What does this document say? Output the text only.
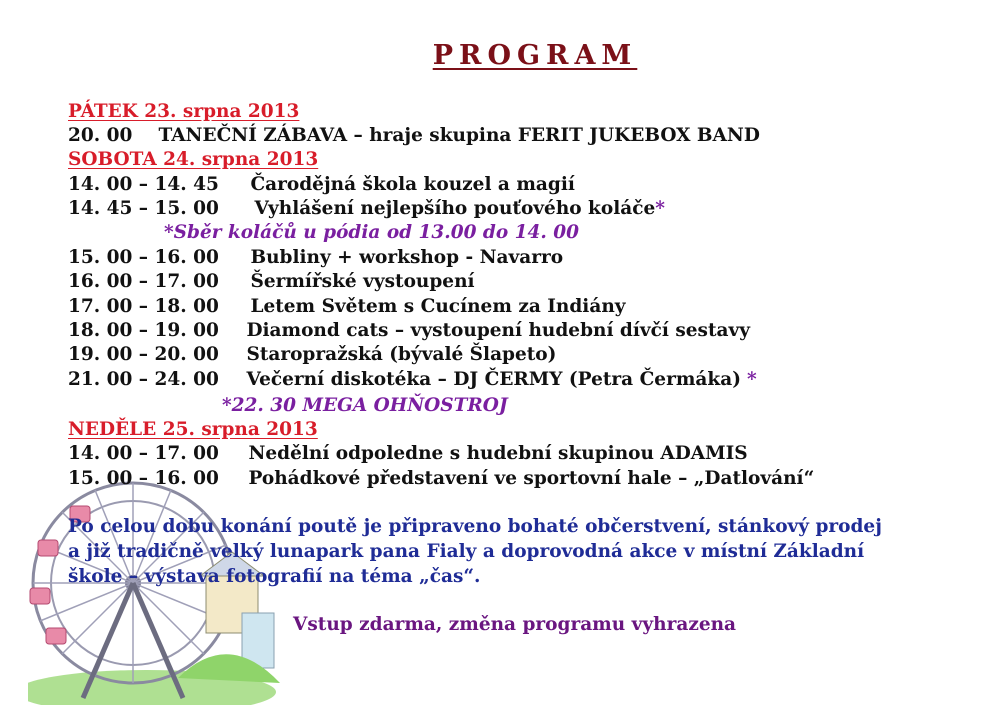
PROGRAM
PÁTEK 23. srpna 2013
20. 00 TANEČNÍ ZÁBAVA – hraje skupina FERIT JUKEBOX BAND
SOBOTA 24. srpna 2013
14. 00 – 14. 45 Čarodějná škola kouzel a magií
14. 45 – 15. 00 Vyhlášení nejlepšího pouťového koláče*
*Sběr koláčů u pódia od 13.00 do 14. 00
15. 00 – 16. 00 Bubliny + workshop - Navarro
16. 00 – 17. 00 Šermířské vystoupení
17. 00 – 18. 00 Letem Světem s Cucínem za Indiány
18. 00 – 19. 00 Diamond cats – vystoupení hudební dívčí sestavy
19. 00 – 20. 00 Staropražská (bývalé Šlapeto)
21. 00 – 24. 00 Večerní diskotéka – DJ ČERMY (Petra Čermáka) *
*22. 30 MEGA OHŇOSTROJ
NEDĚLE 25. srpna 2013
14. 00 – 17. 00 Nedělní odpoledne s hudební skupinou ADAMIS
15. 00 – 16. 00 Pohádkové představení ve sportovní hale – „Datlování“
Po celou dobu konání poutě je připraveno bohaté občerstvení, stánkový prodej
a již tradičně velký lunapark pana Fialy a doprovodná akce v místní Základní
škole – výstava fotografií na téma „čas“.
Vstup zdarma, změna programu vyhrazena
